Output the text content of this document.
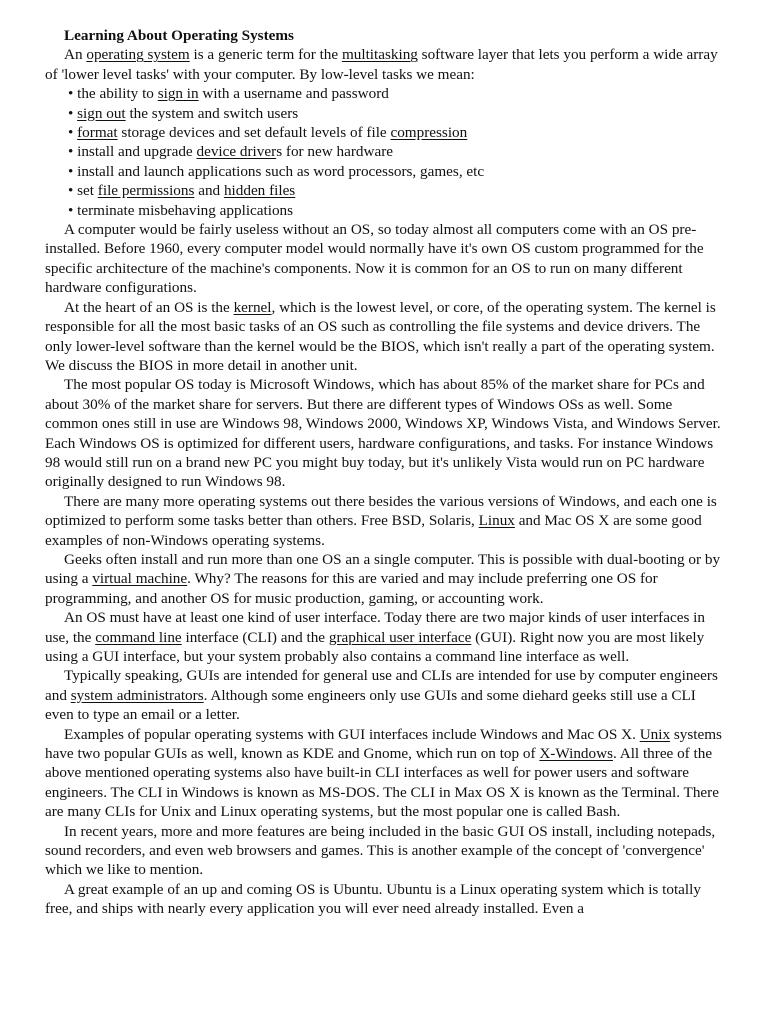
Learning About Operating Systems

An operating system is a generic term for the multitasking software layer that lets you perform a wide array of 'lower level tasks' with your computer. By low-level tasks we mean:

• the ability to sign in with a username and password
• sign out the system and switch users
• format storage devices and set default levels of file compression
• install and upgrade device drivers for new hardware
• install and launch applications such as word processors, games, etc
• set file permissions and hidden files
• terminate misbehaving applications

A computer would be fairly useless without an OS, so today almost all computers come with an OS pre-installed. Before 1960, every computer model would normally have it's own OS custom programmed for the specific architecture of the machine's components. Now it is common for an OS to run on many different hardware configurations.

At the heart of an OS is the kernel, which is the lowest level, or core, of the operating system. The kernel is responsible for all the most basic tasks of an OS such as controlling the file systems and device drivers. The only lower-level software than the kernel would be the BIOS, which isn't really a part of the operating system. We discuss the BIOS in more detail in another unit.

The most popular OS today is Microsoft Windows, which has about 85% of the market share for PCs and about 30% of the market share for servers. But there are different types of Windows OSs as well. Some common ones still in use are Windows 98, Windows 2000, Windows XP, Windows Vista, and Windows Server. Each Windows OS is optimized for different users, hardware configurations, and tasks. For instance Windows 98 would still run on a brand new PC you might buy today, but it's unlikely Vista would run on PC hardware originally designed to run Windows 98.

There are many more operating systems out there besides the various versions of Windows, and each one is optimized to perform some tasks better than others. Free BSD, Solaris, Linux and Mac OS X are some good examples of non-Windows operating systems.

Geeks often install and run more than one OS an a single computer. This is possible with dual-booting or by using a virtual machine. Why? The reasons for this are varied and may include preferring one OS for programming, and another OS for music production, gaming, or accounting work.

An OS must have at least one kind of user interface. Today there are two major kinds of user interfaces in use, the command line interface (CLI) and the graphical user interface (GUI). Right now you are most likely using a GUI interface, but your system probably also contains a command line interface as well.

Typically speaking, GUIs are intended for general use and CLIs are intended for use by computer engineers and system administrators. Although some engineers only use GUIs and some diehard geeks still use a CLI even to type an email or a letter.

Examples of popular operating systems with GUI interfaces include Windows and Mac OS X. Unix systems have two popular GUIs as well, known as KDE and Gnome, which run on top of X-Windows. All three of the above mentioned operating systems also have built-in CLI interfaces as well for power users and software engineers. The CLI in Windows is known as MS-DOS. The CLI in Max OS X is known as the Terminal. There are many CLIs for Unix and Linux operating systems, but the most popular one is called Bash.

In recent years, more and more features are being included in the basic GUI OS install, including notepads, sound recorders, and even web browsers and games. This is another example of the concept of 'convergence' which we like to mention.

A great example of an up and coming OS is Ubuntu. Ubuntu is a Linux operating system which is totally free, and ships with nearly every application you will ever need already installed. Even a
